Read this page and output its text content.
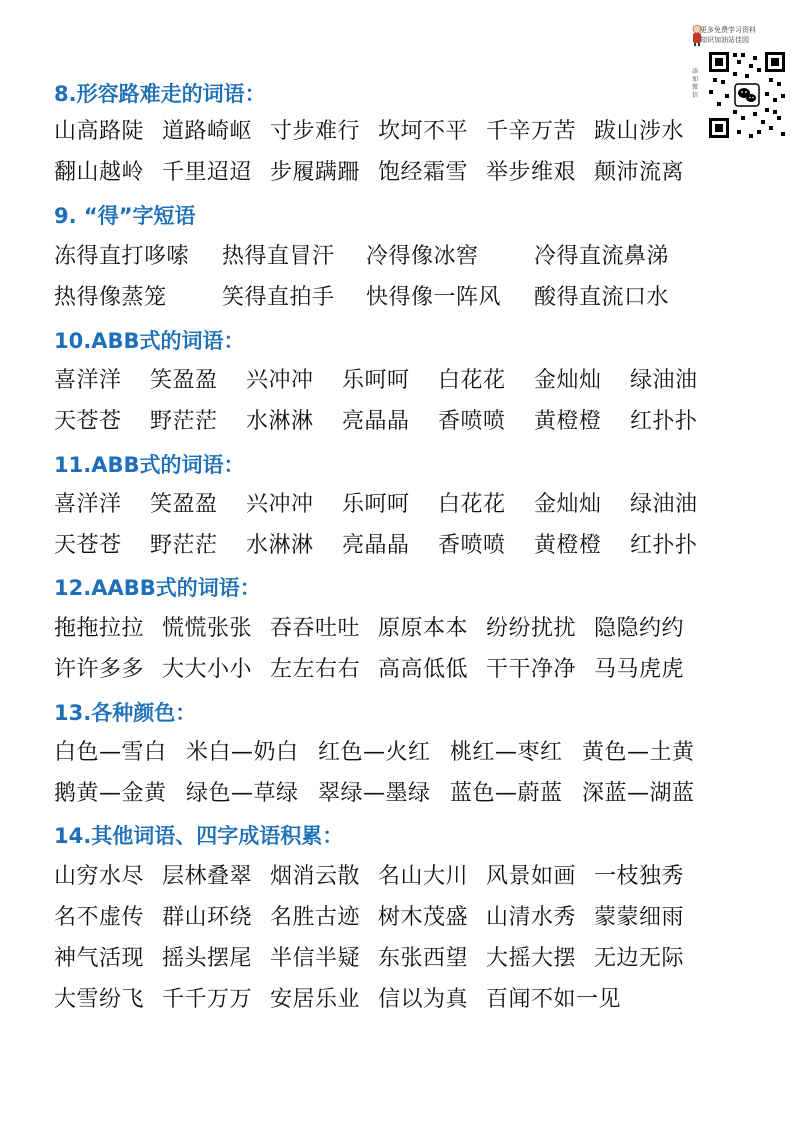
更多免费学习资料
知识加油站佳园
添加微信
8.形容路难走的词语：
山高路陡 道路崎岖 寸步难行 坎坷不平 千辛万苦 跋山涉水
翻山越岭 千里迢迢 步履蹒跚 饱经霜雪 举步维艰 颠沛流离
9. “得”字短语
冻得直打哆嗦 热得直冒汗 冷得像冰窖	冷得直流鼻涕
热得像蒸笼	笑得直拍手 快得像一阵风 酸得直流口水
10.ABB式的词语：
喜洋洋 笑盈盈 兴冲冲 乐呵呵 白花花 金灿灿 绿油油
天苍苍 野茫茫 水淋淋 亮晶晶 香喷喷 黄橙橙 红扑扑
11.ABB式的词语：
喜洋洋 笑盈盈 兴冲冲 乐呵呵 白花花 金灿灿 绿油油
天苍苍 野茫茫 水淋淋 亮晶晶 香喷喷 黄橙橙 红扑扑
12.AABB式的词语：
拖拖拉拉 慌慌张张 吞吞吐吐 原原本本 纷纷扰扰 隐隐约约
许许多多 大大小小 左左右右 高高低低 干干净净 马马虎虎
13.各种颜色：
白色—雪白 米白—奶白 红色—火红 桃红—枣红 黄色—土黄
鹅黄—金黄 绿色—草绿 翠绿—墨绿 蓝色—蔚蓝 深蓝—湖蓝
14.其他词语、四字成语积累：
山穷水尽 层林叠翠 烟消云散 名山大川 风景如画 一枝独秀
名不虚传 群山环绕 名胜古迹 树木茂盛 山清水秀 蒙蒙细雨
神气活现 摇头摆尾 半信半疑 东张西望 大摇大摆 无边无际
大雪纷飞 千千万万 安居乐业 信以为真 百闻不如一见
